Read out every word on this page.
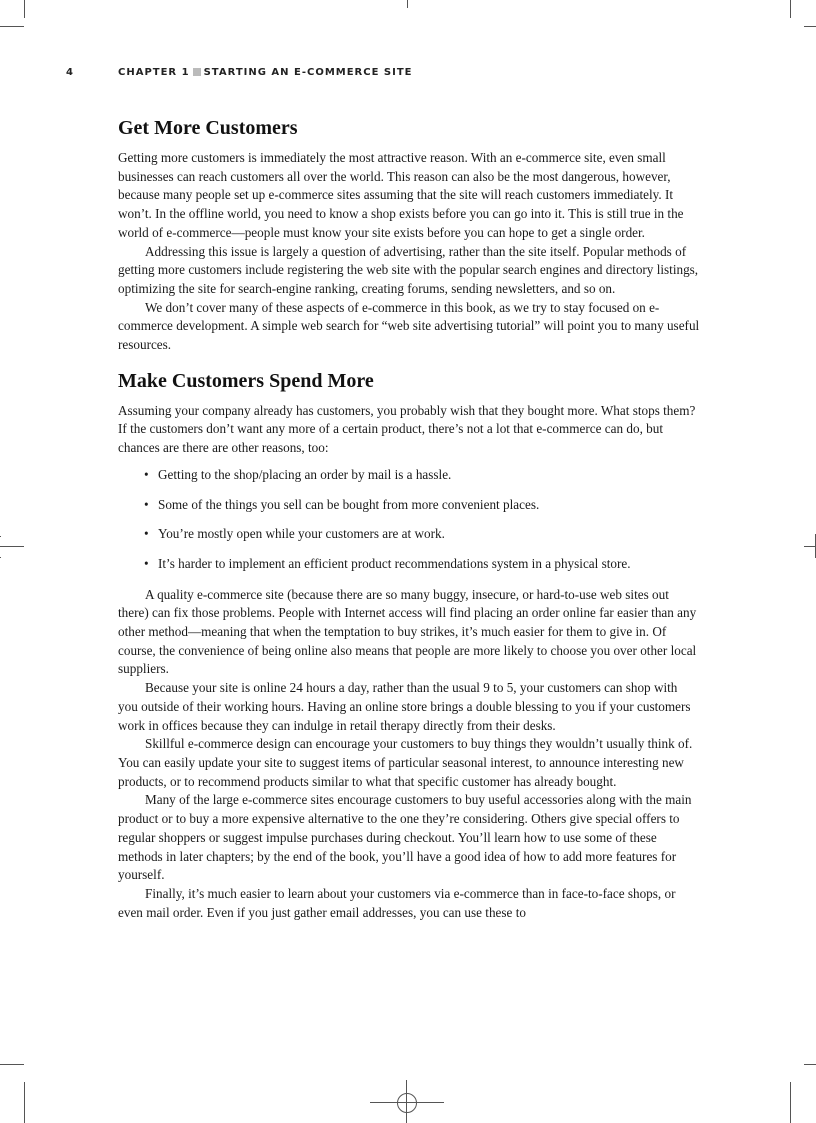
4	CHAPTER 1 STARTING AN E-COMMERCE SITE
Get More Customers

Getting more customers is immediately the most attractive reason. With an e-commerce site, even small businesses can reach customers all over the world. This reason can also be the most dangerous, however, because many people set up e-commerce sites assuming that the site will reach customers immediately. It won’t. In the offline world, you need to know a shop exists before you can go into it. This is still true in the world of e-commerce—people must know your site exists before you can hope to get a single order.

Addressing this issue is largely a question of advertising, rather than the site itself. Popular methods of getting more customers include registering the web site with the popular search engines and directory listings, optimizing the site for search-engine ranking, creating forums, sending newsletters, and so on.

We don’t cover many of these aspects of e-commerce in this book, as we try to stay focused on e-commerce development. A simple web search for “web site advertising tutorial” will point you to many useful resources.

Make Customers Spend More

Assuming your company already has customers, you probably wish that they bought more. What stops them? If the customers don’t want any more of a certain product, there’s not a lot that e-commerce can do, but chances are there are other reasons, too:

• Getting to the shop/placing an order by mail is a hassle.
• Some of the things you sell can be bought from more convenient places.
• You’re mostly open while your customers are at work.
• It’s harder to implement an efficient product recommendations system in a physical store.

A quality e-commerce site (because there are so many buggy, insecure, or hard-to-use web sites out there) can fix those problems. People with Internet access will find placing an order online far easier than any other method—meaning that when the temptation to buy strikes, it’s much easier for them to give in. Of course, the convenience of being online also means that people are more likely to choose you over other local suppliers.

Because your site is online 24 hours a day, rather than the usual 9 to 5, your customers can shop with you outside of their working hours. Having an online store brings a double blessing to you if your customers work in offices because they can indulge in retail therapy directly from their desks.

Skillful e-commerce design can encourage your customers to buy things they wouldn’t usually think of. You can easily update your site to suggest items of particular seasonal interest, to announce interesting new products, or to recommend products similar to what that specific customer has already bought.

Many of the large e-commerce sites encourage customers to buy useful accessories along with the main product or to buy a more expensive alternative to the one they’re considering. Others give special offers to regular shoppers or suggest impulse purchases during checkout. You’ll learn how to use some of these methods in later chapters; by the end of the book, you’ll have a good idea of how to add more features for yourself.

Finally, it’s much easier to learn about your customers via e-commerce than in face-to-face shops, or even mail order. Even if you just gather email addresses, you can use these to
